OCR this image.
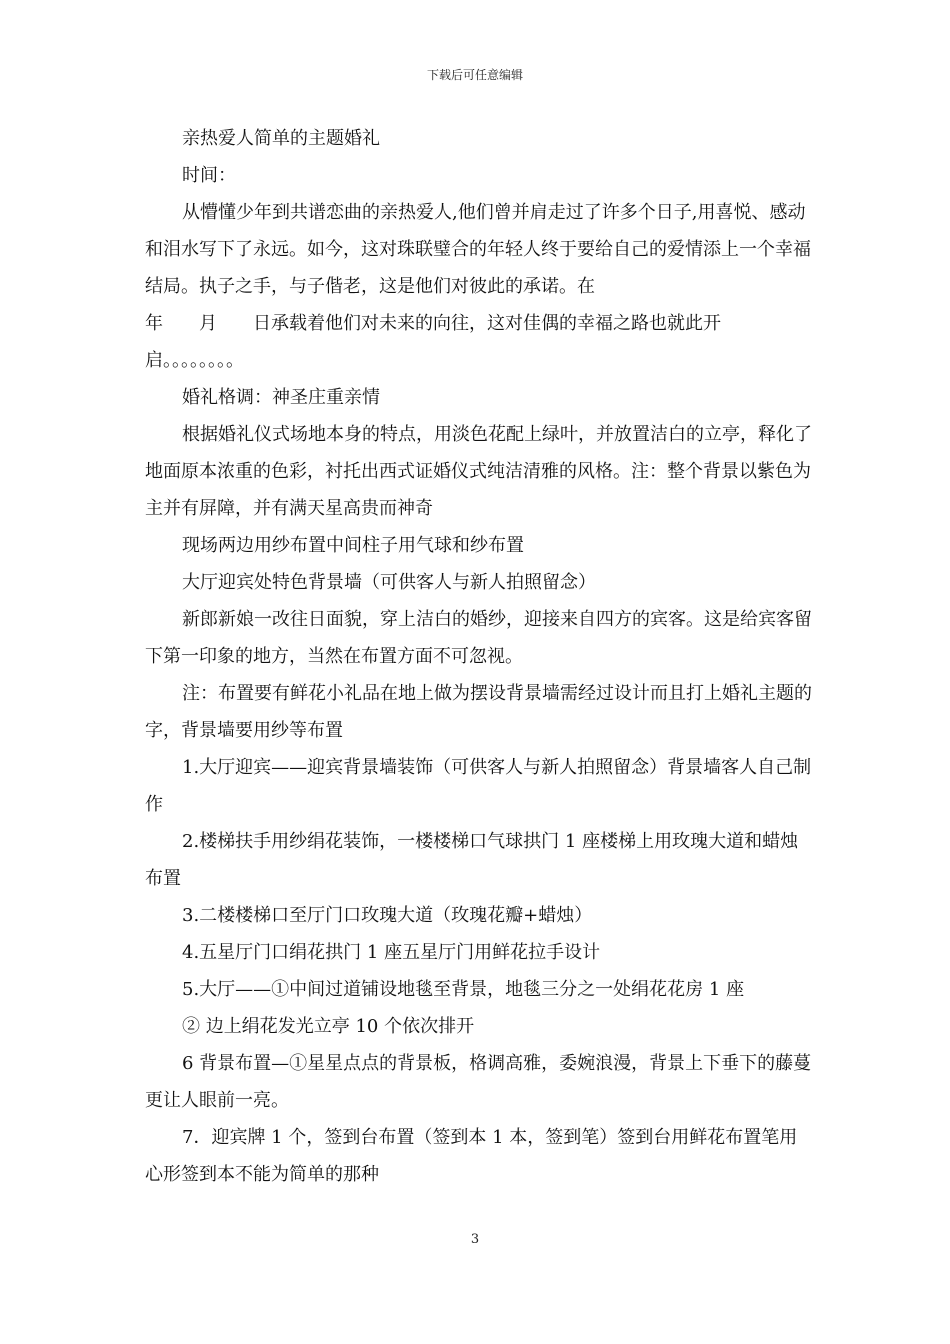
下载后可任意编辑

亲热爱人简单的主题婚礼

时间：

从懵懂少年到共谱恋曲的亲热爱人,他们曾并肩走过了许多个日子,用喜悦、感动和泪水写下了永远。如今，这对珠联璧合的年轻人终于要给自己的爱情添上一个幸福结局。执子之手，与子偕老，这是他们对彼此的承诺。在

年　　月　　日承载着他们对未来的向往，这对佳偶的幸福之路也就此开启。。。。。。。。

婚礼格调：神圣庄重亲情

根据婚礼仪式场地本身的特点，用淡色花配上绿叶，并放置洁白的立亭，释化了地面原本浓重的色彩，衬托出西式证婚仪式纯洁清雅的风格。注：整个背景以紫色为主并有屏障，并有满天星高贵而神奇

现场两边用纱布置中间柱子用气球和纱布置

大厅迎宾处特色背景墙（可供客人与新人拍照留念）

新郎新娘一改往日面貌，穿上洁白的婚纱，迎接来自四方的宾客。这是给宾客留下第一印象的地方，当然在布置方面不可忽视。

注：布置要有鲜花小礼品在地上做为摆设背景墙需经过设计而且打上婚礼主题的字，背景墙要用纱等布置

1.大厅迎宾——迎宾背景墙装饰（可供客人与新人拍照留念）背景墙客人自己制作

2.楼梯扶手用纱绢花装饰，一楼楼梯口气球拱门 1 座楼梯上用玫瑰大道和蜡烛布置

3.二楼楼梯口至厅门口玫瑰大道（玫瑰花瓣+蜡烛）

4.五星厅门口绢花拱门 1 座五星厅门用鲜花拉手设计

5.大厅——①中间过道铺设地毯至背景，地毯三分之一处绢花花房 1 座

② 边上绢花发光立亭 10 个依次排开

6 背景布置—①星星点点的背景板，格调高雅，委婉浪漫，背景上下垂下的藤蔓更让人眼前一亮。

7．迎宾牌 1 个，签到台布置（签到本 1 本，签到笔）签到台用鲜花布置笔用心形签到本不能为简单的那种

3
